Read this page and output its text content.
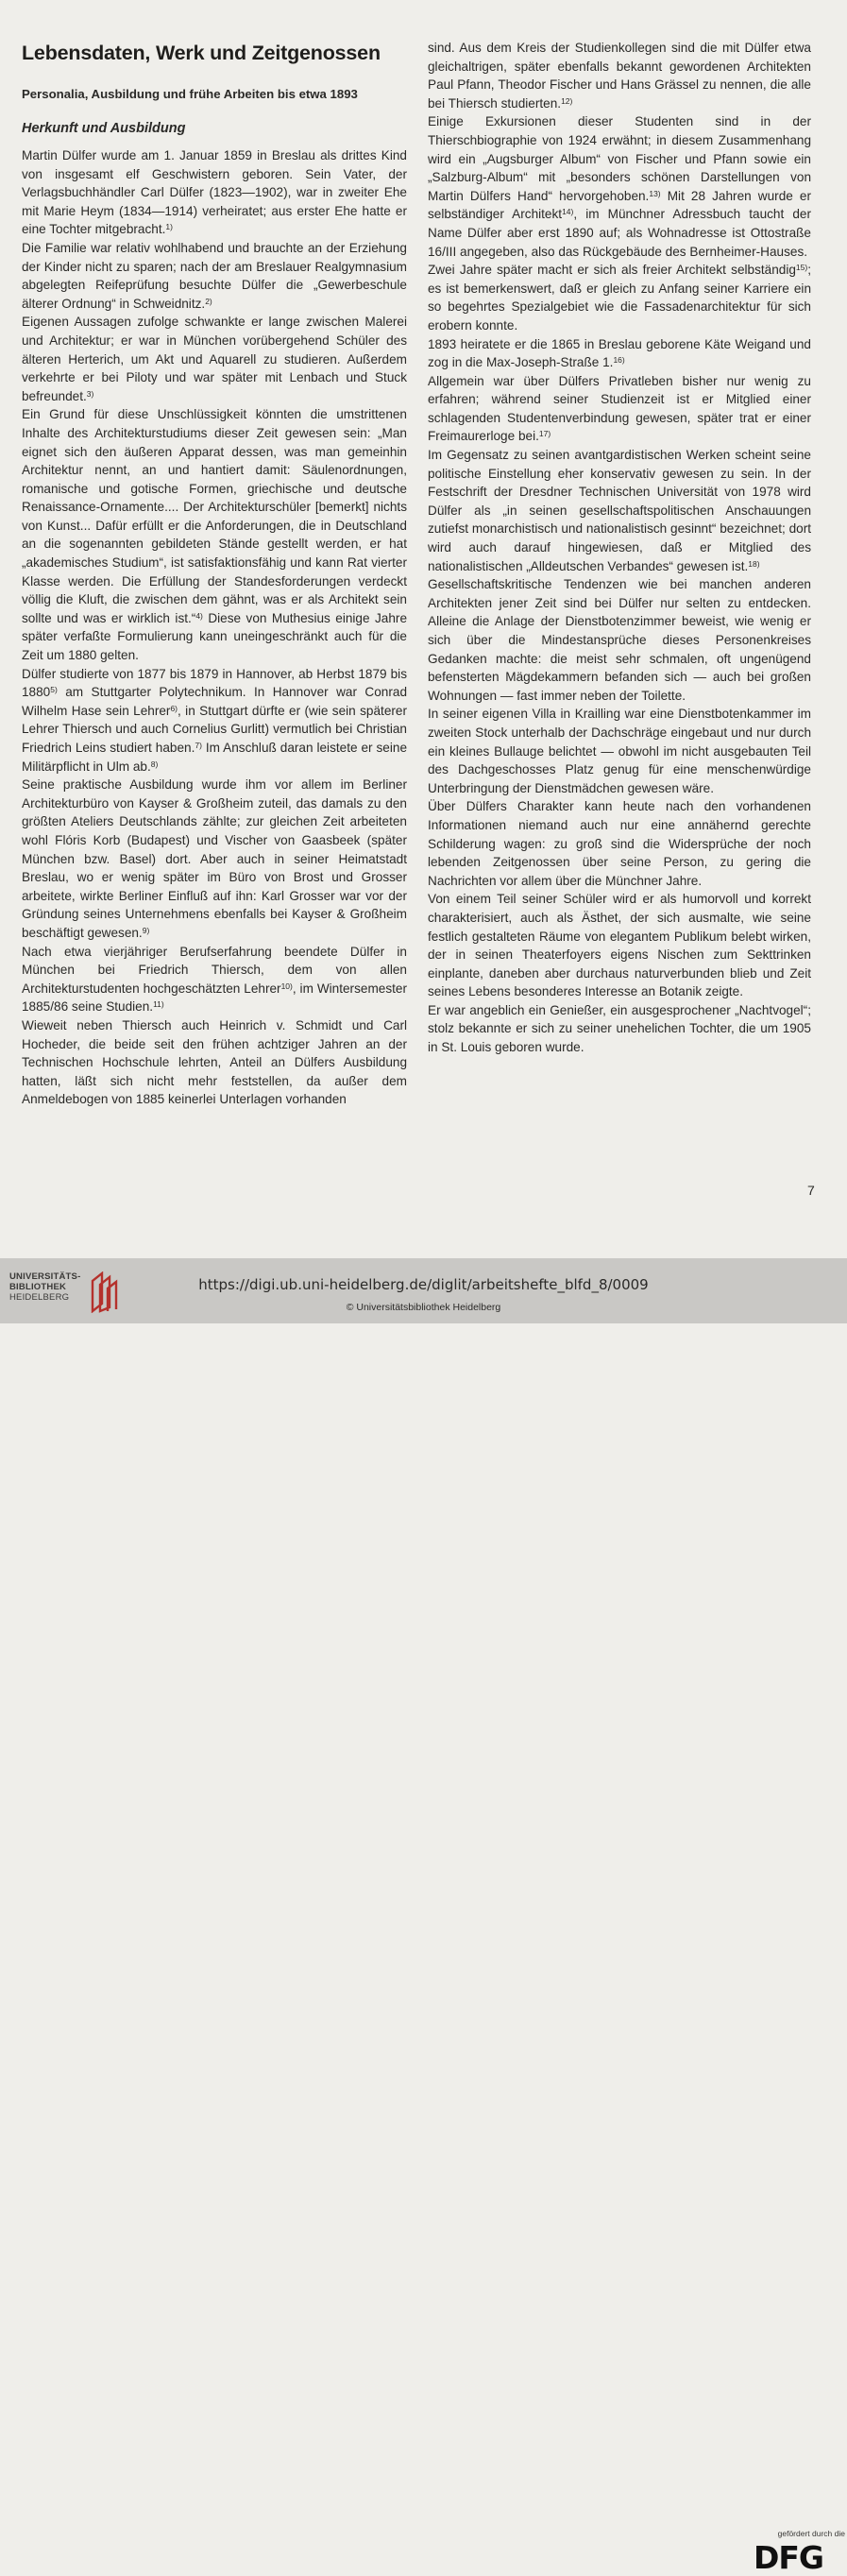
Lebensdaten, Werk und Zeitgenossen
Personalia, Ausbildung und frühe Arbeiten bis etwa 1893
Herkunft und Ausbildung

Martin Dülfer wurde am 1. Januar 1859 in Breslau als drittes Kind von insgesamt elf Geschwistern geboren. Sein Vater, der Verlagsbuchhändler Carl Dülfer (1823—1902), war in zweiter Ehe mit Marie Heym (1834—1914) verheiratet; aus erster Ehe hatte er eine Tochter mitgebracht.$^{1)}$

Die Familie war relativ wohlhabend und brauchte an der Erziehung der Kinder nicht zu sparen; nach der am Breslauer Realgymnasium abgelegten Reifeprüfung besuchte Dülfer die „Gewerbeschule älterer Ordnung“ in Schweidnitz.$^{2)}$

Eigenen Aussagen zufolge schwankte er lange zwischen Malerei und Architektur; er war in München vorübergehend Schüler des älteren Herterich, um Akt und Aquarell zu studieren. Außerdem verkehrte er bei Piloty und war später mit Lenbach und Stuck befreundet.$^{3)}$

Ein Grund für diese Unschlüssigkeit könnten die umstrittenen Inhalte des Architekturstudiums dieser Zeit gewesen sein: „Man eignet sich den äußeren Apparat dessen, was man gemeinhin Architektur nennt, an und hantiert damit: Säulenordnungen, romanische und gotische Formen, griechische und deutsche Renaissance-Ornamente.... Der Architekturschüler [bemerkt] nichts von Kunst... Dafür erfüllt er die Anforderungen, die in Deutschland an die sogenannten gebildeten Stände gestellt werden, er hat „akademisches Studium“, ist satisfaktionsfähig und kann Rat vierter Klasse werden. Die Erfüllung der Standesforderungen verdeckt völlig die Kluft, die zwischen dem gähnt, was er als Architekt sein sollte und was er wirklich ist.“$^{4)}$ Diese von Muthesius einige Jahre später verfaßte Formulierung kann uneingeschränkt auch für die Zeit um 1880 gelten.

Dülfer studierte von 1877 bis 1879 in Hannover, ab Herbst 1879 bis 1880$^{5)}$ am Stuttgarter Polytechnikum. In Hannover war Conrad Wilhelm Hase sein Lehrer$^{6)}$, in Stuttgart dürfte er (wie sein späterer Lehrer Thiersch und auch Cornelius Gurlitt) vermutlich bei Christian Friedrich Leins studiert haben.$^{7)}$ Im Anschluß daran leistete er seine Militärpflicht in Ulm ab.$^{8)}$

Seine praktische Ausbildung wurde ihm vor allem im Berliner Architekturbüro von Kayser & Großheim zuteil, das damals zu den größten Ateliers Deutschlands zählte; zur gleichen Zeit arbeiteten wohl Flóris Korb (Budapest) und Vischer von Gaasbeek (später München bzw. Basel) dort. Aber auch in seiner Heimatstadt Breslau, wo er wenig später im Büro von Brost und Grosser arbeitete, wirkte Berliner Einfluß auf ihn: Karl Grosser war vor der Gründung seines Unternehmens ebenfalls bei Kayser & Großheim beschäftigt gewesen.$^{9)}$

Nach etwa vierjähriger Berufserfahrung beendete Dülfer in München bei Friedrich Thiersch, dem von allen Architekturstudenten hochgeschätzten Lehrer$^{10)}$, im Wintersemester 1885/86 seine Studien.$^{11)}$

Wieweit neben Thiersch auch Heinrich v. Schmidt und Carl Hocheder, die beide seit den frühen achtziger Jahren an der Technischen Hochschule lehrten, Anteil an Dülfers Ausbildung hatten, läßt sich nicht mehr feststellen, da außer dem Anmeldebogen von 1885 keinerlei Unterlagen vorhanden

sind. Aus dem Kreis der Studienkollegen sind die mit Dülfer etwa gleichaltrigen, später ebenfalls bekannt gewordenen Architekten Paul Pfann, Theodor Fischer und Hans Grässel zu nennen, die alle bei Thiersch studierten.$^{12)}$

Einige Exkursionen dieser Studenten sind in der Thierschbiographie von 1924 erwähnt; in diesem Zusammenhang wird ein „Augsburger Album“ von Fischer und Pfann sowie ein „Salzburg-Album“ mit „besonders schönen Darstellungen von Martin Dülfers Hand“ hervorgehoben.$^{13)}$ Mit 28 Jahren wurde er selbständiger Architekt$^{14)}$, im Münchner Adressbuch taucht der Name Dülfer aber erst 1890 auf; als Wohnadresse ist Ottostraße 16/III angegeben, also das Rückgebäude des Bernheimer-Hauses.

Zwei Jahre später macht er sich als freier Architekt selbständig$^{15)}$; es ist bemerkenswert, daß er gleich zu Anfang seiner Karriere ein so begehrtes Spezialgebiet wie die Fassadenarchitektur für sich erobern konnte.

1893 heiratete er die 1865 in Breslau geborene Käte Weigand und zog in die Max-Joseph-Straße 1.$^{16)}$

Allgemein war über Dülfers Privatleben bisher nur wenig zu erfahren; während seiner Studienzeit ist er Mitglied einer schlagenden Studentenverbindung gewesen, später trat er einer Freimaurerloge bei.$^{17)}$

Im Gegensatz zu seinen avantgardistischen Werken scheint seine politische Einstellung eher konservativ gewesen zu sein. In der Festschrift der Dresdner Technischen Universität von 1978 wird Dülfer als „in seinen gesellschaftspolitischen Anschauungen zutiefst monarchistisch und nationalistisch gesinnt“ bezeichnet; dort wird auch darauf hingewiesen, daß er Mitglied des nationalistischen „Alldeutschen Verbandes“ gewesen ist.$^{18)}$

Gesellschaftskritische Tendenzen wie bei manchen anderen Architekten jener Zeit sind bei Dülfer nur selten zu entdecken. Alleine die Anlage der Dienstbotenzimmer beweist, wie wenig er sich über die Mindestansprüche dieses Personenkreises Gedanken machte: die meist sehr schmalen, oft ungenügend befensterten Mägdekammern befanden sich — auch bei großen Wohnungen — fast immer neben der Toilette.

In seiner eigenen Villa in Krailling war eine Dienstbotenkammer im zweiten Stock unterhalb der Dachschräge eingebaut und nur durch ein kleines Bullauge belichtet — obwohl im nicht ausgebauten Teil des Dachgeschosses Platz genug für eine menschenwürdige Unterbringung der Dienstmädchen gewesen wäre.

Über Dülfers Charakter kann heute nach den vorhandenen Informationen niemand auch nur eine annähernd gerechte Schilderung wagen: zu groß sind die Widersprüche der noch lebenden Zeitgenossen über seine Person, zu gering die Nachrichten vor allem über die Münchner Jahre.

Von einem Teil seiner Schüler wird er als humorvoll und korrekt charakterisiert, auch als Ästhet, der sich ausmalte, wie seine festlich gestalteten Räume von elegantem Publikum belebt wirken, der in seinen Theaterfoyers eigens Nischen zum Sekttrinken einplante, daneben aber durchaus naturverbunden blieb und Zeit seines Lebens besonderes Interesse an Botanik zeigte.

Er war angeblich ein Genießer, ein ausgesprochener „Nachtvogel“; stolz bekannte er sich zu seiner unehelichen Tochter, die um 1905 in St. Louis geboren wurde.

7
UNIVERSITÄTS-
BIBLIOTHEK
HEIDELBERG
gefördert durch die
DFG
https://digi.ub.uni-heidelberg.de/diglit/arbeitshefte_blfd_8/0009
© Universitätsbibliothek Heidelberg
